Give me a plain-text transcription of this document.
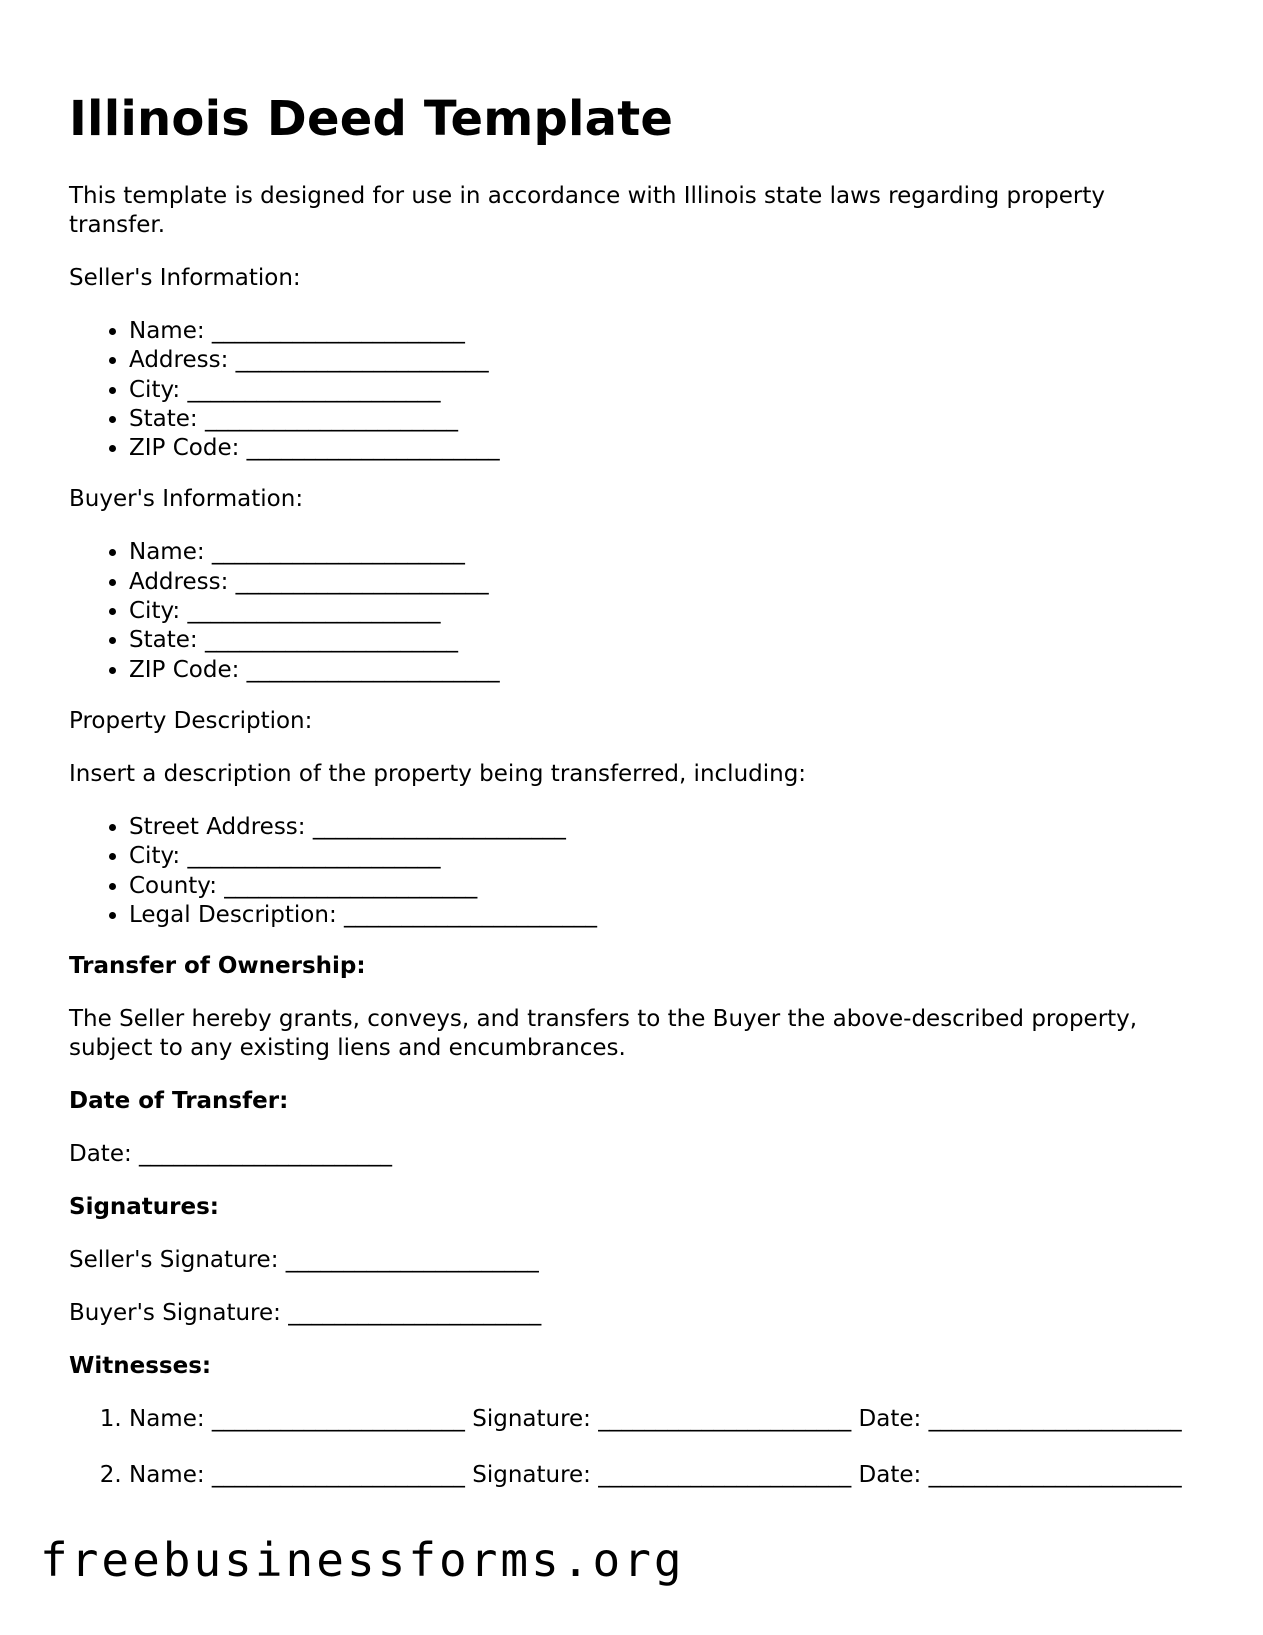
Illinois Deed Template

This template is designed for use in accordance with Illinois state laws regarding property transfer.

Seller's Information:

• Name: ______________________
• Address: ______________________
• City: ______________________
• State: ______________________
• ZIP Code: ______________________

Buyer's Information:

• Name: ______________________
• Address: ______________________
• City: ______________________
• State: ______________________
• ZIP Code: ______________________

Property Description:

Insert a description of the property being transferred, including:

• Street Address: ______________________
• City: ______________________
• County: ______________________
• Legal Description: ______________________

Transfer of Ownership:

The Seller hereby grants, conveys, and transfers to the Buyer the above-described property, subject to any existing liens and encumbrances.

Date of Transfer:

Date: ______________________

Signatures:

Seller's Signature: ______________________

Buyer's Signature: ______________________

Witnesses:

1. Name: ______________________ Signature: ______________________ Date: ______________________
2. Name: ______________________ Signature: ______________________ Date: ______________________
freebusinessforms.org
